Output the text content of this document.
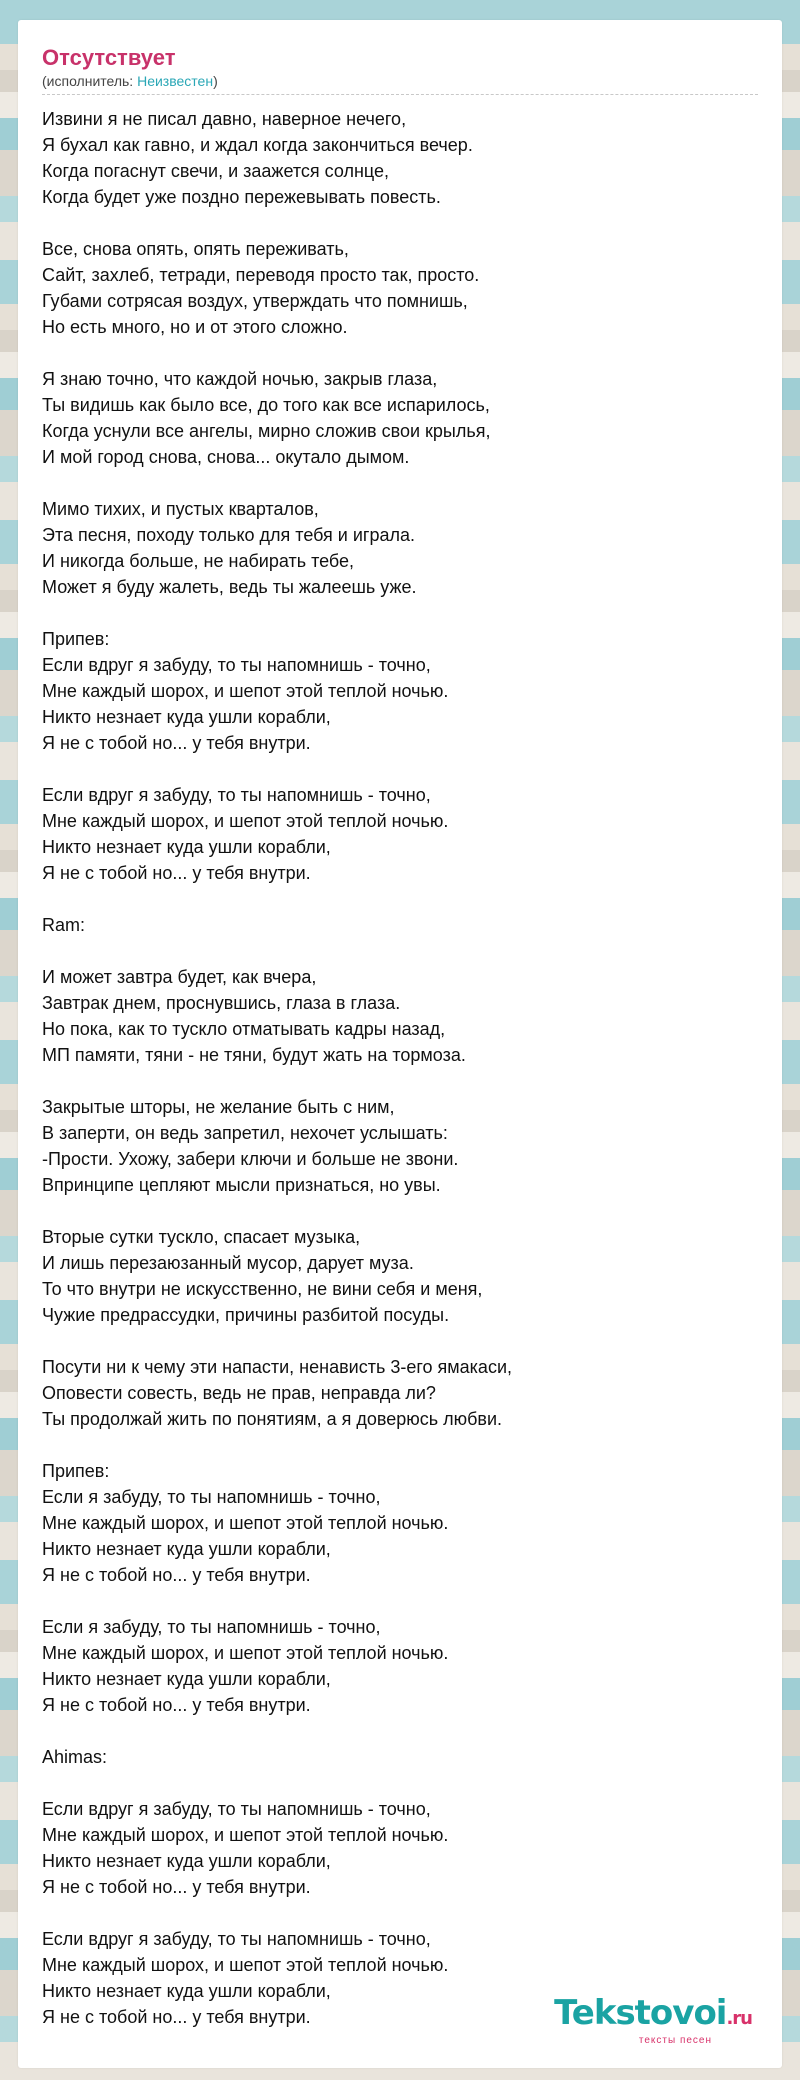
Отсутствует
(исполнитель: Неизвестен)
Извини я не писал давно, наверное нечего,
Я бухал как гавно, и ждал когда закончиться вечер.
Когда погаснут свечи, и заажется солнце,
Когда будет уже поздно пережевывать повесть.
Все, снова опять, опять переживать,
Сайт, захлеб, тетради, переводя просто так, просто.
Губами сотрясая воздух, утверждать что помнишь,
Но есть много, но и от этого сложно.
Я знаю точно, что каждой ночью, закрыв глаза,
Ты видишь как было все, до того как все испарилось,
Когда уснули все ангелы, мирно сложив свои крылья,
И мой город снова, снова... окутало дымом.
Мимо тихих, и пустых кварталов,
Эта песня, походу только для тебя и играла.
И никогда больше, не набирать тебе,
Может я буду жалеть, ведь ты жалеешь уже.
Припев:
Если вдруг я забуду, то ты напомнишь - точно,
Мне каждый шорох, и шепот этой теплой ночью.
Никто незнает куда ушли корабли,
Я не с тобой но... у тебя внутри.
Если вдруг я забуду, то ты напомнишь - точно,
Мне каждый шорох, и шепот этой теплой ночью.
Никто незнает куда ушли корабли,
Я не с тобой но... у тебя внутри.
Ram:
И может завтра будет, как вчера,
Завтрак днем, проснувшись, глаза в глаза.
Но пока, как то тускло отматывать кадры назад,
МП памяти, тяни - не тяни, будут жать на тормоза.
Закрытые шторы, не желание быть с ним,
В заперти, он ведь запретил, нехочет услышать:
-Прости. Ухожу, забери ключи и больше не звони.
Впринципе цепляют мысли признаться, но увы.
Вторые сутки тускло, спасает музыка,
И лишь перезаюзанный мусор, дарует муза.
То что внутри не искусственно, не вини себя и меня,
Чужие предрассудки, причины разбитой посуды.
Посути ни к чему эти напасти, ненависть 3-его ямакаси,
Оповести совесть, ведь не прав, неправда ли?
Ты продолжай жить по понятиям, а я доверюсь любви.
Припев:
Если я забуду, то ты напомнишь - точно,
Мне каждый шорох, и шепот этой теплой ночью.
Никто незнает куда ушли корабли,
Я не с тобой но... у тебя внутри.
Если я забуду, то ты напомнишь - точно,
Мне каждый шорох, и шепот этой теплой ночью.
Никто незнает куда ушли корабли,
Я не с тобой но... у тебя внутри.
Ahimas:
Если вдруг я забуду, то ты напомнишь - точно,
Мне каждый шорох, и шепот этой теплой ночью.
Никто незнает куда ушли корабли,
Я не с тобой но... у тебя внутри.
Если вдруг я забуду, то ты напомнишь - точно,
Мне каждый шорох, и шепот этой теплой ночью.
Никто незнает куда ушли корабли,
Я не с тобой но... у тебя внутри.	Tekstovoi.ru
тексты песен
